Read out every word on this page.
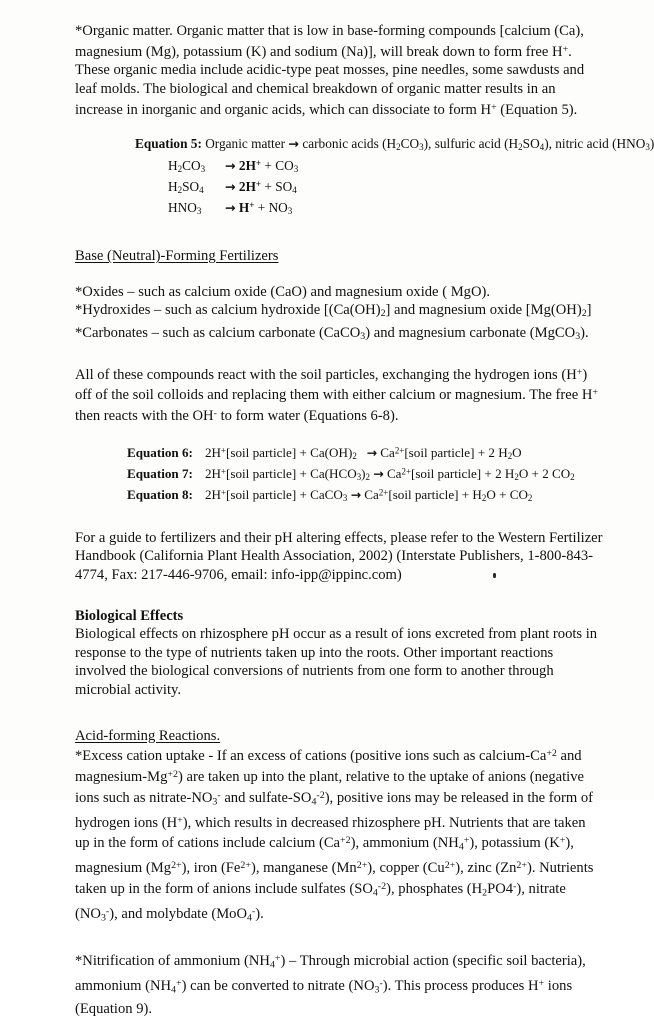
*Organic matter. Organic matter that is low in base-forming compounds [calcium (Ca), magnesium (Mg), potassium (K) and sodium (Na)], will break down to form free H+. These organic media include acidic-type peat mosses, pine needles, some sawdusts and leaf molds. The biological and chemical breakdown of organic matter results in an increase in inorganic and organic acids, which can dissociate to form H+ (Equation 5).
Equation 5: Organic matter → carbonic acids $(H_2CO_3)$, sulfuric acid $(H_2SO_4)$, nitric acid $(HNO_3)$
$H_2CO_3 \to 2H^+ + CO_3$
$H_2SO_4 \to 2H^+ + SO_4$
$HNO_3 \to H^+ + NO_3$
Base (Neutral)-Forming Fertilizers
*Oxides – such as calcium oxide (CaO) and magnesium oxide ( MgO).
*Hydroxides – such as calcium hydroxide [$(Ca(OH)_2]$ and magnesium oxide $[Mg(OH)_2]$
*Carbonates – such as calcium carbonate (CaCO$_3$) and magnesium carbonate (MgCO$_3$).
All of these compounds react with the soil particles, exchanging the hydrogen ions (H+) off of the soil colloids and replacing them with either calcium or magnesium. The free H+ then reacts with the OH- to form water (Equations 6-8).
Equation 6: 2H+[soil particle] + $Ca(OH)_2$ → $Ca^{2+}[soil$ particle] + 2 $H_2O$
Equation 7: 2H+[soil particle] + $Ca(HCO_3)_2$ → $Ca^{2+}[soil$ particle] + 2 $H_2O + 2$ $CO_2$
Equation 8: 2H+[soil particle] + CaCO$_3$ → $Ca^{2+}[soil$ particle] + $H_2O + CO_2$
For a guide to fertilizers and their pH altering effects, please refer to the Western Fertilizer Handbook (California Plant Health Association, 2002) (Interstate Publishers, 1-800-843-4774, Fax: 217-446-9706, email: info-ipp@ippinc.com)
Biological Effects
Biological effects on rhizosphere pH occur as a result of ions excreted from plant roots in response to the type of nutrients taken up into the roots. Other important reactions involved the biological conversions of nutrients from one form to another through microbial activity.
Acid-forming Reactions.
*Excess cation uptake - If an excess of cations (positive ions such as calcium-$Ca^{+2}$ and magnesium-$Mg^{+2}$) are taken up into the plant, relative to the uptake of anions (negative ions such as nitrate-$NO_3^-$ and sulfate-$SO_4^{-2}$), positive ions may be released in the form of hydrogen ions (H+), which results in decreased rhizosphere pH. Nutrients that are taken up in the form of cations include calcium $(Ca^{+2})$, ammonium $(NH_4^+)$, potassium (K+), magnesium $(Mg^{2+})$, iron $(Fe^{2+})$, manganese $(Mn^{2+})$, copper $(Cu^{2+})$, zinc $(Zn^{2+})$. Nutrients taken up in the form of anions include sulfates $(SO_4^{-2})$, phosphates $(H_2PO4^-)$, nitrate $(NO_3^-)$, and molybdate (MoO$_4$-).
*Nitrification of ammonium $(NH_4^+)$ – Through microbial action (specific soil bacteria), ammonium $(NH_4^+)$ can be converted to nitrate $(NO_3^-)$. This process produces H+ ions (Equation 9).
